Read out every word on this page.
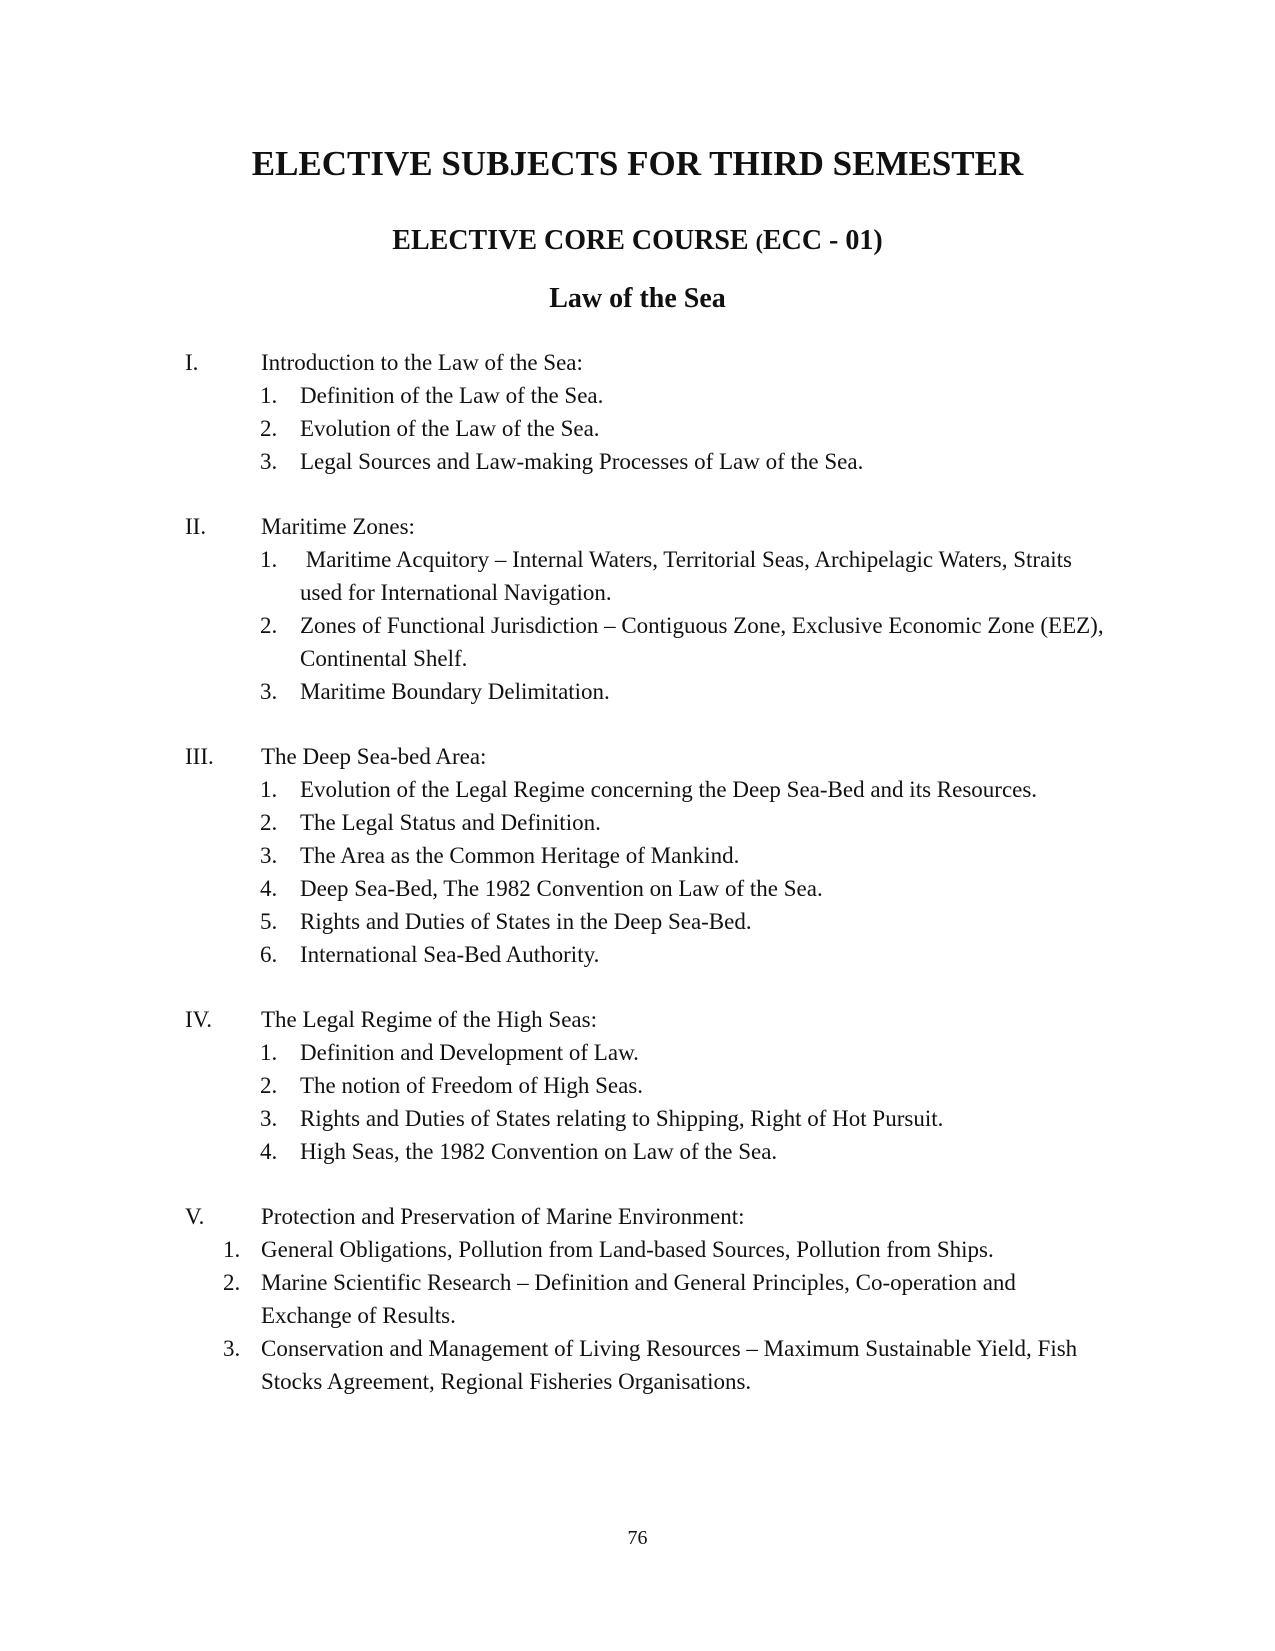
ELECTIVE SUBJECTS FOR THIRD SEMESTER
ELECTIVE CORE COURSE (ECC - 01)
Law of the Sea
I.	Introduction to the Law of the Sea:
1. Definition of the Law of the Sea.
2. Evolution of the Law of the Sea.
3. Legal Sources and Law-making Processes of Law of the Sea.
II. Maritime Zones:
1. Maritime Acquitory – Internal Waters, Territorial Seas, Archipelagic Waters, Straits used for International Navigation.
2. Zones of Functional Jurisdiction – Contiguous Zone, Exclusive Economic Zone (EEZ), Continental Shelf.
3. Maritime Boundary Delimitation.
III. The Deep Sea-bed Area:
1. Evolution of the Legal Regime concerning the Deep Sea-Bed and its Resources.
2. The Legal Status and Definition.
3. The Area as the Common Heritage of Mankind.
4. Deep Sea-Bed, The 1982 Convention on Law of the Sea.
5. Rights and Duties of States in the Deep Sea-Bed.
6. International Sea-Bed Authority.
IV. The Legal Regime of the High Seas:
1. Definition and Development of Law.
2. The notion of Freedom of High Seas.
3. Rights and Duties of States relating to Shipping, Right of Hot Pursuit.
4. High Seas, the 1982 Convention on Law of the Sea.
V. Protection and Preservation of Marine Environment:
1. General Obligations, Pollution from Land-based Sources, Pollution from Ships.
2. Marine Scientific Research – Definition and General Principles, Co-operation and Exchange of Results.
3. Conservation and Management of Living Resources – Maximum Sustainable Yield, Fish Stocks Agreement, Regional Fisheries Organisations.

76
